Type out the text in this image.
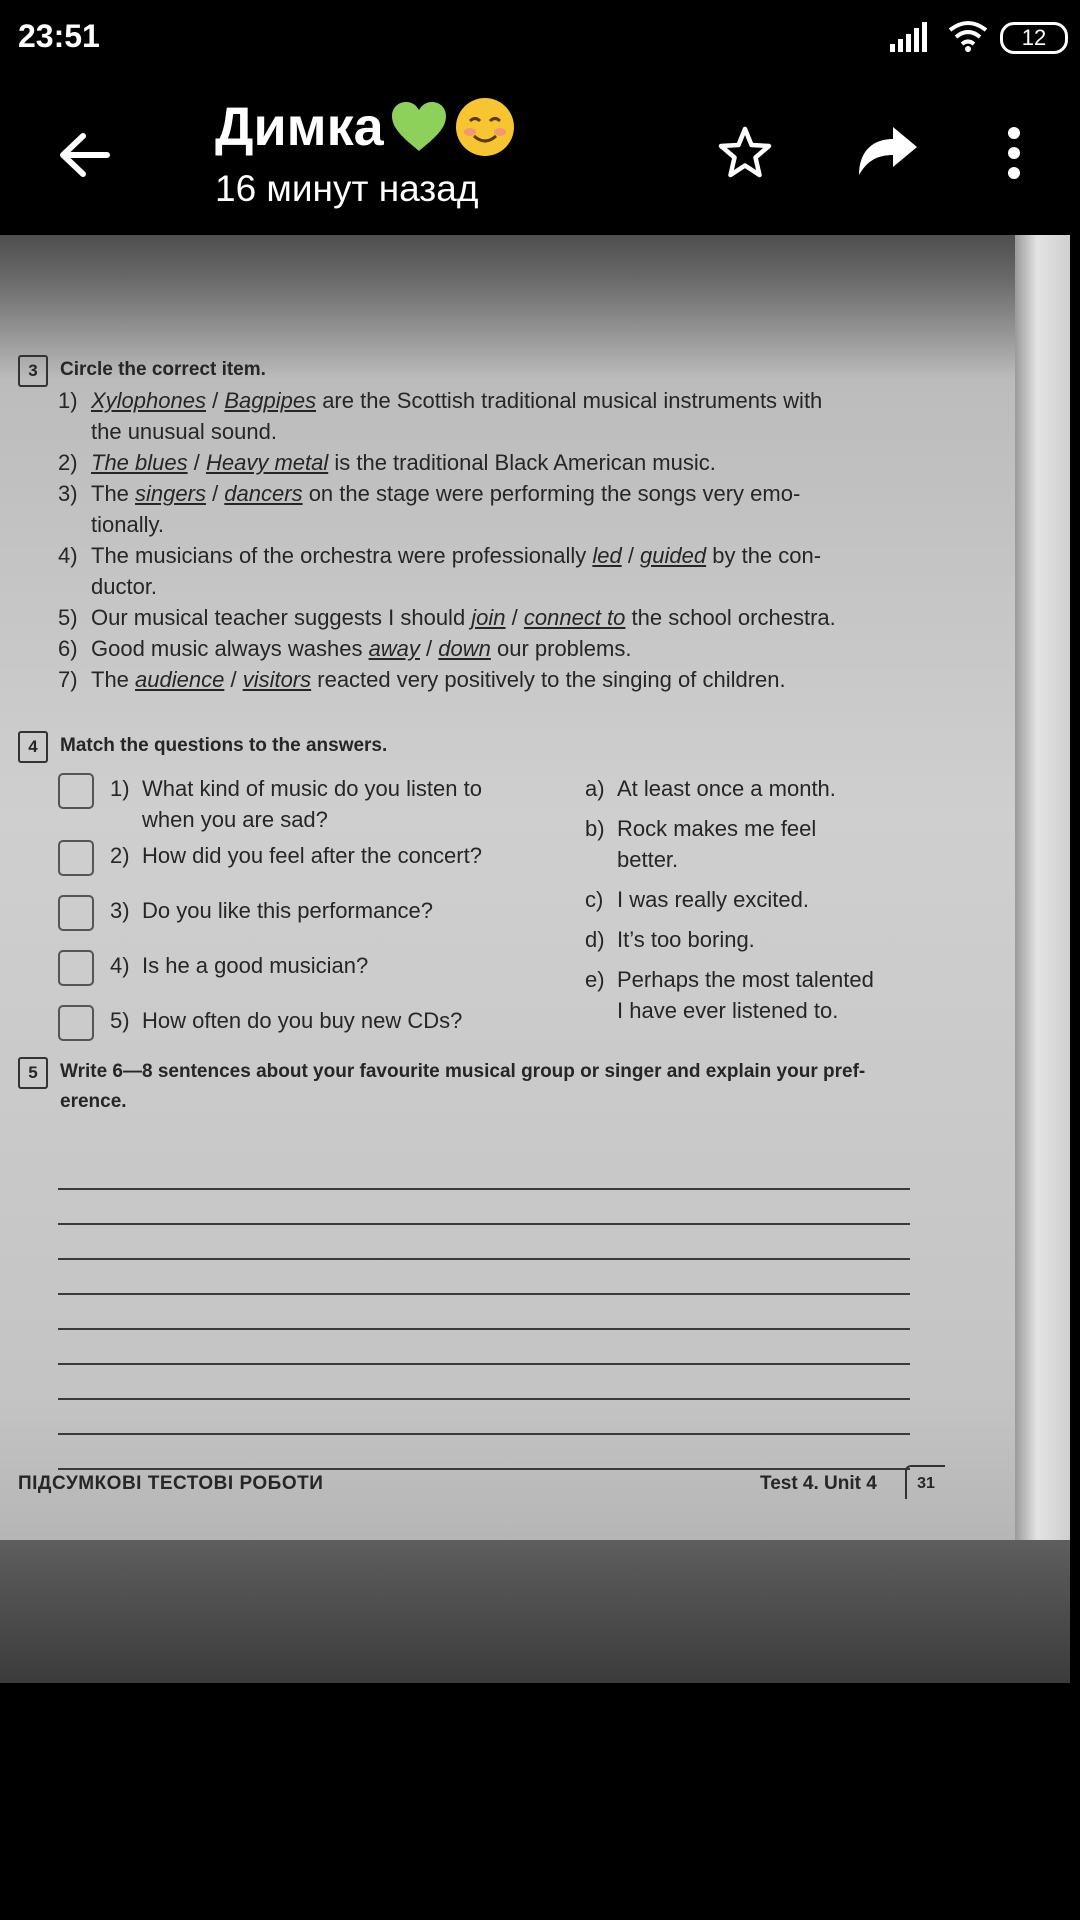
23:51	12
Димка
16 минут назад
3	Circle the correct item.
1) Xylophones / Bagpipes are the Scottish traditional musical instruments with
the unusual sound.
2) The blues / Heavy metal is the traditional Black American music.
3) The singers / dancers on the stage were performing the songs very emo-
tionally.
4) The musicians of the orchestra were professionally led / guided by the con-
ductor.
5) Our musical teacher suggests I should join / connect to the school orchestra.
6) Good music always washes away / down our problems.
7) The audience / visitors reacted very positively to the singing of children.
4	Match the questions to the answers.
1) What kind of music do you listen to
when you are sad?
2) How did you feel after the concert?
3) Do you like this performance?
4) Is he a good musician?
5) How often do you buy new CDs?
a) At least once a month.
b) Rock makes me feel
better.
c) I was really excited.
d) It’s too boring.
e) Perhaps the most talented
I have ever listened to.
5	Write 6—8 sentences about your favourite musical group or singer and explain your pref-
erence.
ПІДСУМКОВІ ТЕСТОВІ РОБОТИ	Test 4. Unit 4	31
